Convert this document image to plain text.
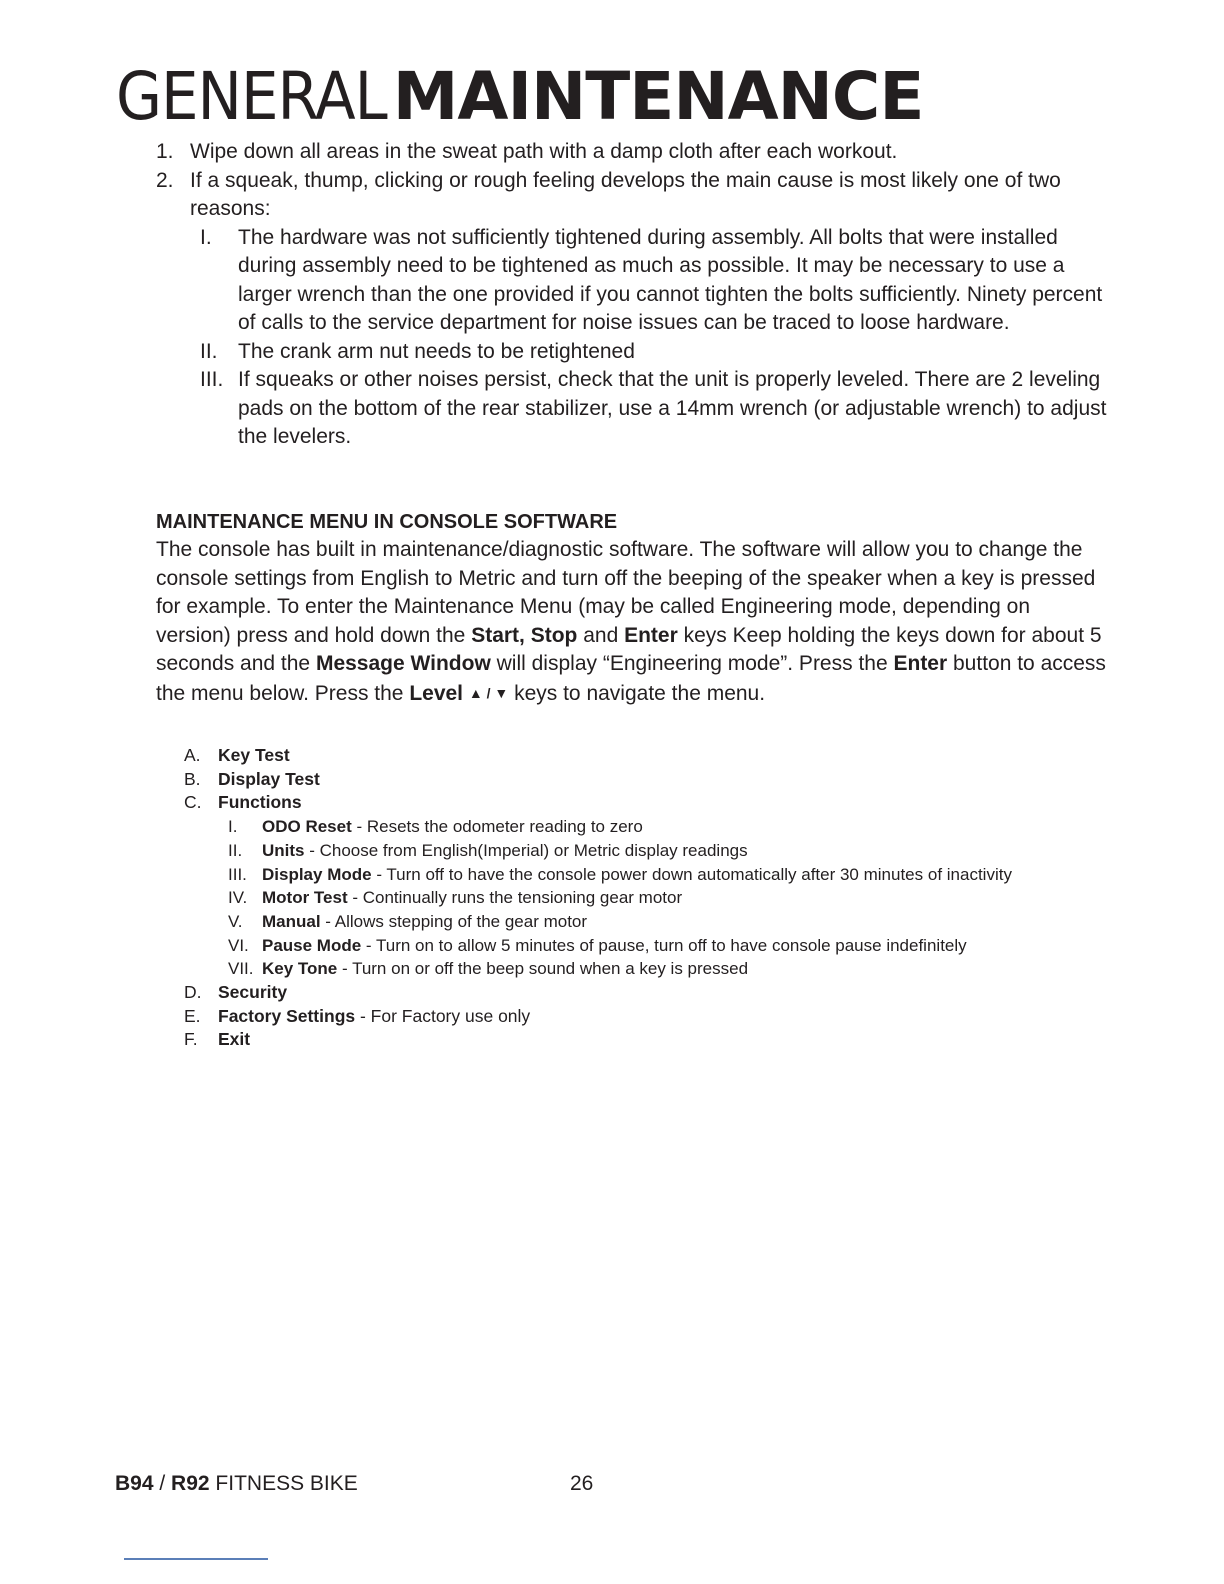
GENERALMAINTENANCE
1. Wipe down all areas in the sweat path with a damp cloth after each workout.
2. If a squeak, thump, clicking or rough feeling develops the main cause is most likely one of two reasons:
I. The hardware was not sufficiently tightened during assembly. All bolts that were installed during assembly need to be tightened as much as possible. It may be necessary to use a larger wrench than the one provided if you cannot tighten the bolts sufficiently. Ninety percent of calls to the service department for noise issues can be traced to loose hardware.
II. The crank arm nut needs to be retightened
III. If squeaks or other noises persist, check that the unit is properly leveled. There are 2 leveling pads on the bottom of the rear stabilizer, use a 14mm wrench (or adjustable wrench) to adjust the levelers.
MAINTENANCE MENU IN CONSOLE SOFTWARE

The console has built in maintenance/diagnostic software. The software will allow you to change the console settings from English to Metric and turn off the beeping of the speaker when a key is pressed for example. To enter the Maintenance Menu (may be called Engineering mode, depending on version) press and hold down the Start, Stop and Enter keys Keep holding the keys down for about 5 seconds and the Message Window will display “Engineering mode”. Press the Enter button to access the menu below. Press the Level ▲ / ▼ keys to navigate the menu.

A. Key Test
B. Display Test
C. Functions
I. ODO Reset - Resets the odometer reading to zero
II. Units - Choose from English(Imperial) or Metric display readings
III. Display Mode - Turn off to have the console power down automatically after 30 minutes of inactivity
IV. Motor Test - Continually runs the tensioning gear motor
V. Manual - Allows stepping of the gear motor
VI. Pause Mode - Turn on to allow 5 minutes of pause, turn off to have console pause indefinitely
VII. Key Tone - Turn on or off the beep sound when a key is pressed
D. Security
E. Factory Settings - For Factory use only
F. Exit
B94 / R92 FITNESS BIKE	26
